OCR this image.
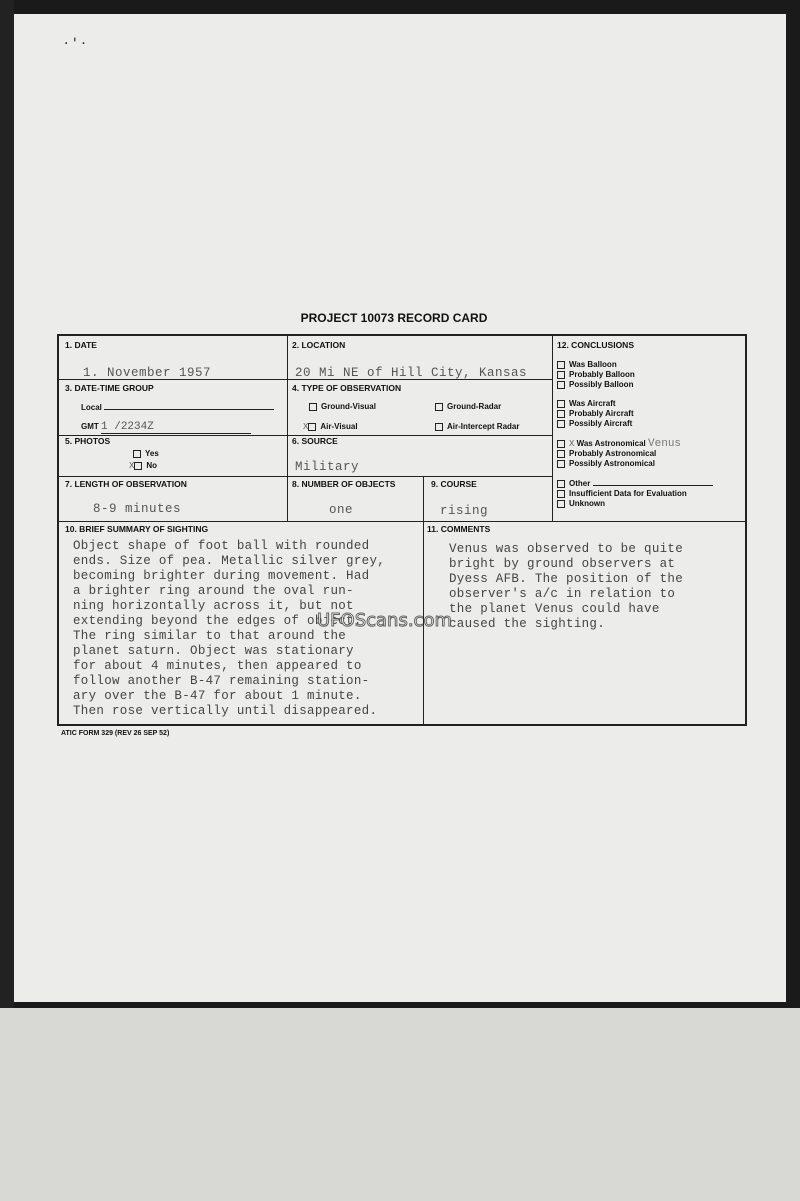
· ' ·
PROJECT 10073 RECORD CARD
1. DATE
1. November 1957
2. LOCATION
20 Mi NE of Hill City, Kansas
3. DATE-TIME GROUP
Local
GMT 1 /2234Z
4. TYPE OF OBSERVATION
Ground-Visual	Ground-Radar
X Air-Visual	Air-Intercept Radar
5. PHOTOS
Yes
X No
6. SOURCE
Military
7. LENGTH OF OBSERVATION
8-9 minutes
8. NUMBER OF OBJECTS
one
9. COURSE
rising
12. CONCLUSIONS
Was Balloon
Probably Balloon
Possibly Balloon
Was Aircraft
Probably Aircraft
Possibly Aircraft
X Was Astronomical Venus
Probably Astronomical
Possibly Astronomical
Other
Insufficient Data for Evaluation
Unknown
10. BRIEF SUMMARY OF SIGHTING
Object shape of foot ball with rounded
ends. Size of pea. Metallic silver grey,
becoming brighter during movement. Had
a brighter ring around the oval run-
ning horizontally across it, but not
extending beyond the edges of object.
The ring similar to that around the
planet saturn. Object was stationary
for about 4 minutes, then appeared to
follow another B-47 remaining station-
ary over the B-47 for about 1 minute.
Then rose vertically until disappeared.
11. COMMENTS
Venus was observed to be quite
bright by ground observers at
Dyess AFB. The position of the
observer's a/c in relation to
the planet Venus could have
caused the sighting.
ATIC FORM 329 (REV 26 SEP 52)
UFOScans.com
